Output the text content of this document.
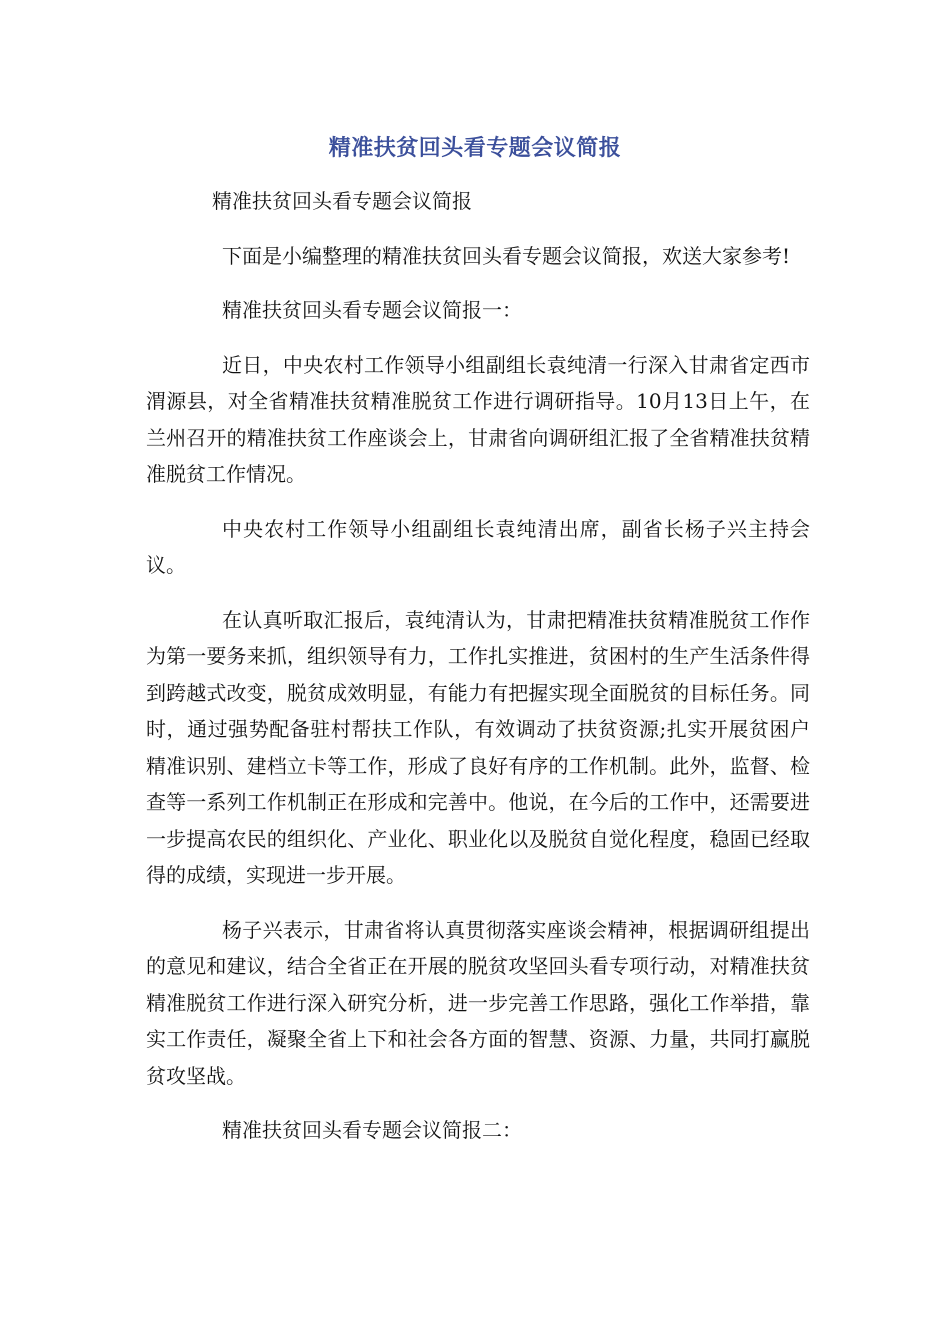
精准扶贫回头看专题会议简报

精准扶贫回头看专题会议简报

下面是小编整理的精准扶贫回头看专题会议简报，欢送大家参考!

精准扶贫回头看专题会议简报一：

近日，中央农村工作领导小组副组长袁纯清一行深入甘肃省定西市渭源县，对全省精准扶贫精准脱贫工作进行调研指导。10月13日上午，在兰州召开的精准扶贫工作座谈会上，甘肃省向调研组汇报了全省精准扶贫精准脱贫工作情况。

中央农村工作领导小组副组长袁纯清出席，副省长杨子兴主持会议。

在认真听取汇报后，袁纯清认为，甘肃把精准扶贫精准脱贫工作作为第一要务来抓，组织领导有力，工作扎实推进，贫困村的生产生活条件得到跨越式改变，脱贫成效明显，有能力有把握实现全面脱贫的目标任务。同时，通过强势配备驻村帮扶工作队，有效调动了扶贫资源;扎实开展贫困户精准识别、建档立卡等工作，形成了良好有序的工作机制。此外，监督、检查等一系列工作机制正在形成和完善中。他说，在今后的工作中，还需要进一步提高农民的组织化、产业化、职业化以及脱贫自觉化程度，稳固已经取得的成绩，实现进一步开展。

杨子兴表示，甘肃省将认真贯彻落实座谈会精神，根据调研组提出的意见和建议，结合全省正在开展的脱贫攻坚回头看专项行动，对精准扶贫精准脱贫工作进行深入研究分析，进一步完善工作思路，强化工作举措，靠实工作责任，凝聚全省上下和社会各方面的智慧、资源、力量，共同打赢脱贫攻坚战。

精准扶贫回头看专题会议简报二：
